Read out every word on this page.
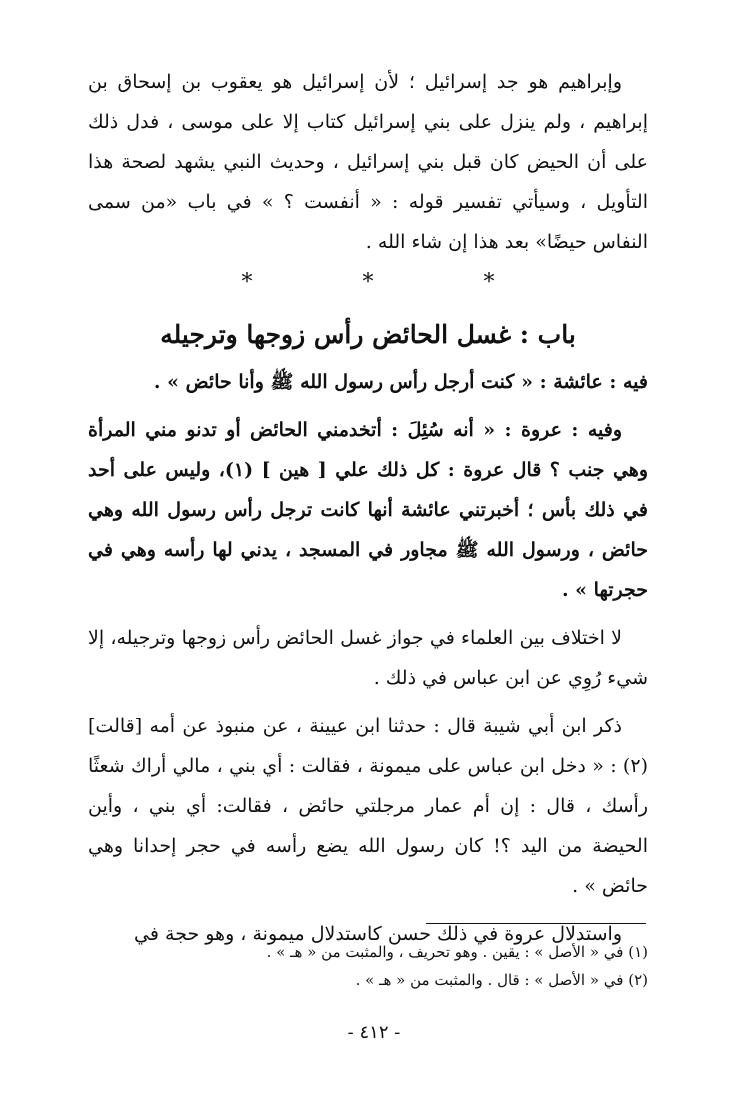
وإبراهيم هو جد إسرائيل ؛ لأن إسرائيل هو يعقوب بن إسحاق بن إبراهيم ، ولم ينزل على بني إسرائيل كتاب إلا على موسى ، فدل ذلك على أن الحيض كان قبل بني إسرائيل ، وحديث النبي يشهد لصحة هذا التأويل ، وسيأتي تفسير قوله : « أنفست ؟ » في باب «من سمى النفاس حيضًا» بعد هذا إن شاء الله .

*
*
*
باب : غسل الحائض رأس زوجها وترجيله

فيه : عائشة : « كنت أرجل رأس رسول الله ﷺ وأنا حائض » .

وفيه : عروة : « أنه سُئِلَ : أتخدمني الحائض أو تدنو مني المرأة وهي جنب ؟ قال عروة : كل ذلك علي [ هين ] (١)، وليس على أحد في ذلك بأس ؛ أخبرتني عائشة أنها كانت ترجل رأس رسول الله وهي حائض ، ورسول الله ﷺ مجاور في المسجد ، يدني لها رأسه وهي في حجرتها » .

لا اختلاف بين العلماء في جواز غسل الحائض رأس زوجها وترجيله، إلا شيء رُوِي عن ابن عباس في ذلك .

ذكر ابن أبي شيبة قال : حدثنا ابن عيينة ، عن منبوذ عن أمه [قالت] (٢) : « دخل ابن عباس على ميمونة ، فقالت : أي بني ، مالي أراك شعثًا رأسك ، قال : إن أم عمار مرجلتي حائض ، فقالت: أي بني ، وأين الحيضة من اليد ؟! كان رسول الله يضع رأسه في حجر إحدانا وهي حائض » .

واستدلال عروة في ذلك حسن كاستدلال ميمونة ، وهو حجة في

(١) في « الأصل » : يقين . وهو تحريف ، والمثبت من « هـ » .
(٢) في « الأصل » : قال . والمثبت من « هـ » .
- ٤١٢ -
